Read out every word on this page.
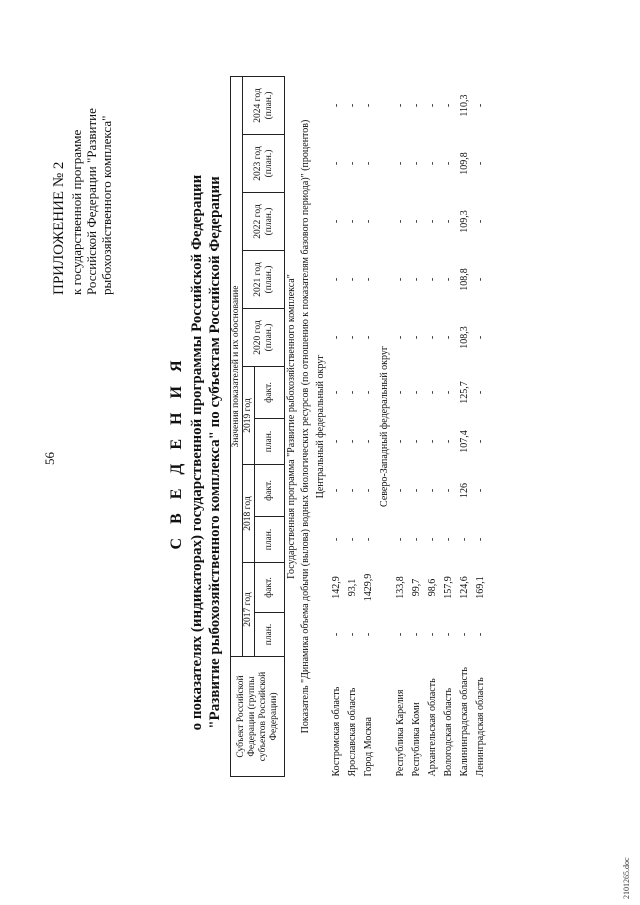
56
ПРИЛОЖЕНИЕ № 2 к государственной программе Российской Федерации "Развитие рыбохозяйственного комплекса"
С В Е Д Е Н И Я о показателях (индикаторах) государственной программы Российской Федерации "Развитие рыбохозяйственного комплекса" по субъектам Российской Федерации Субъект Российской Федерации (группы субъектов Российской Федерации)	Значения показателей и их обоснование										
	2017 год		2018 год		2019 год		2020 год (план.)	2021 год (план.)	2022 год (план.)	2023 год (план.)	2024 год (план.)
	план.	факт.	план.	факт.	план.	факт.					
Государственная программа "Развитие рыбохозяйственного комплекса"											
Показатель "Динамика объема добычи (вылова) водных биологических ресурсов (по отношению к показателям базового периода)" (процентов)											
Центральный федеральный округ											
Костромская область	-	142,9	-	-	-	-	-	-	-	-	-
Ярославская область	-	93,1	-	-	-	-	-	-	-	-	-
Город Москва	-	1429,9	-	-	-	-	-	-	-	-	-
Северо-Западный федеральный округ											
Республика Карелия	-	133,8	-	-	-	-	-	-	-	-	-
Республика Коми	-	99,7	-	-	-	-	-	-	-	-	-
Архангельская область	-	98,6	-	-	-	-	-	-	-	-	-
Вологодская область	-	157,9	-	-	-	-	-	-	-	-	-
Калининградская область	-	124,6	-	126	107,4	125,7	108,3	108,8	109,3	109,8	110,3
Ленинградская область	-	169,1	-	-	-	-	-	-	-	-	-
2101265.doc
